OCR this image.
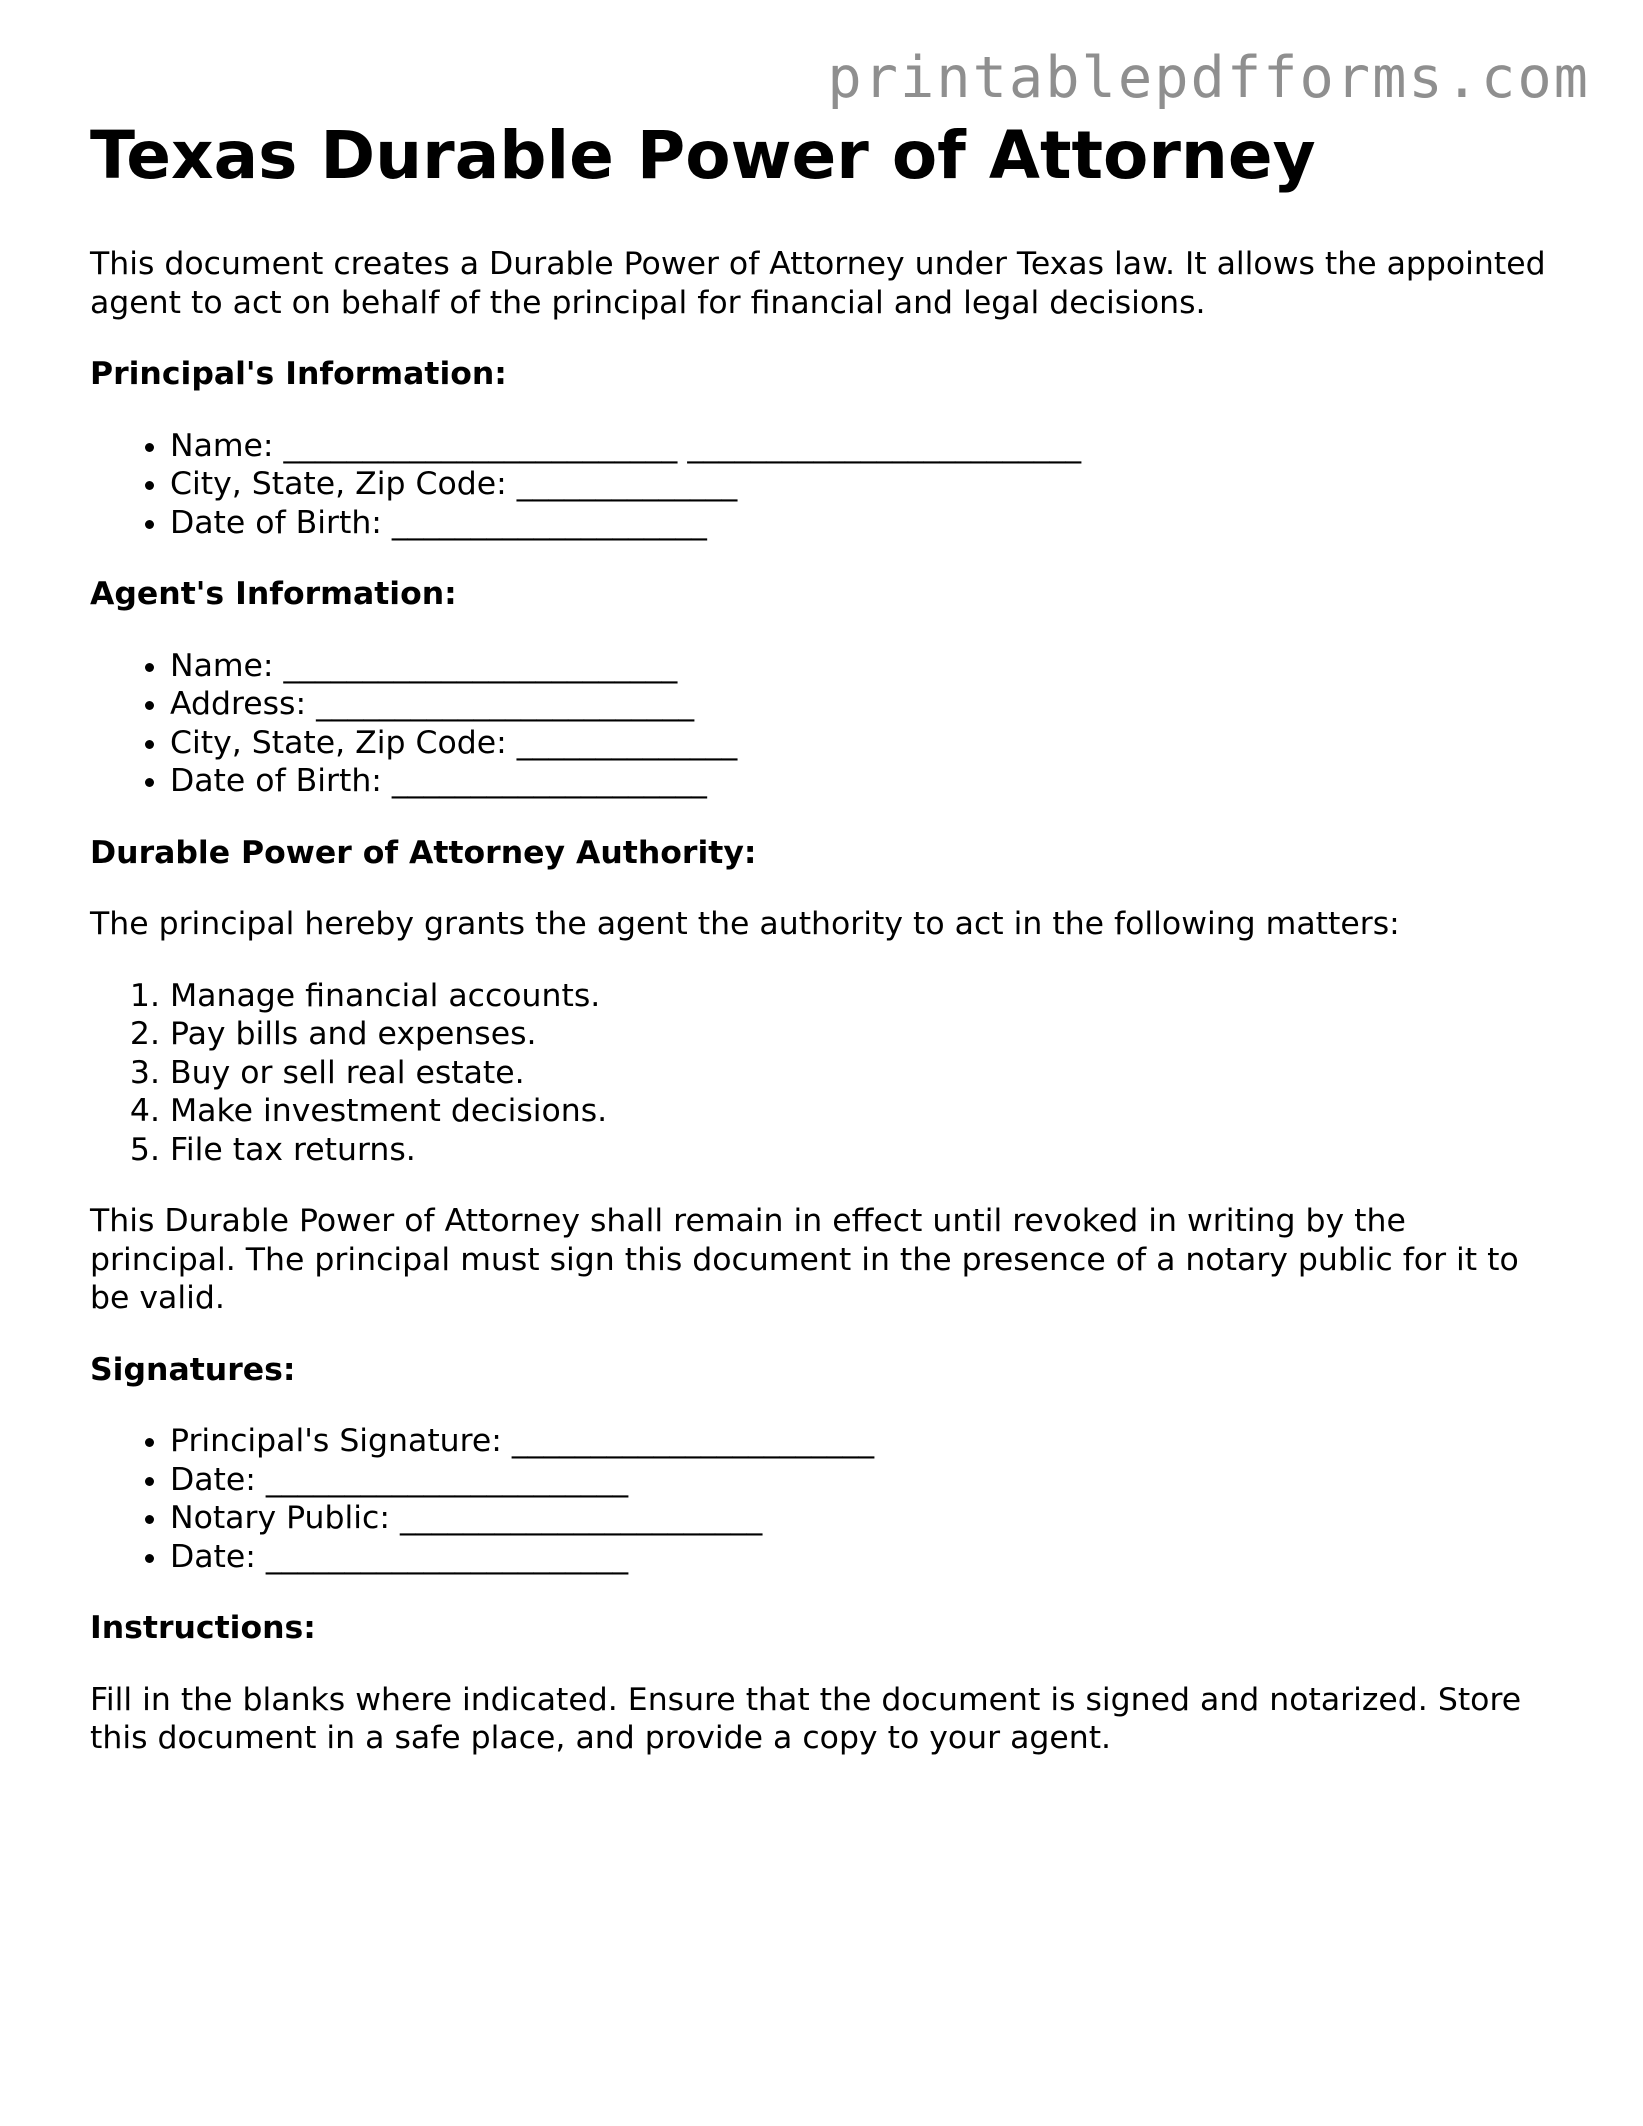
printablepdfforms.com
Texas Durable Power of Attorney

This document creates a Durable Power of Attorney under Texas law. It allows the appointed agent to act on behalf of the principal for financial and legal decisions.

Principal's Information:
• Name: _________________________ _________________________
• City, State, Zip Code: ______________
• Date of Birth: ____________________
Agent's Information:
• Name: _________________________
• Address: ________________________
• City, State, Zip Code: ______________
• Date of Birth: ____________________
Durable Power of Attorney Authority:

The principal hereby grants the agent the authority to act in the following matters:

1. Manage financial accounts.
2. Pay bills and expenses.
3. Buy or sell real estate.
4. Make investment decisions.
5. File tax returns.

This Durable Power of Attorney shall remain in effect until revoked in writing by the principal. The principal must sign this document in the presence of a notary public for it to be valid.

Signatures:
• Principal's Signature: _______________________
• Date: _______________________
• Notary Public: _______________________
• Date: _______________________
Instructions:

Fill in the blanks where indicated. Ensure that the document is signed and notarized. Store this document in a safe place, and provide a copy to your agent.
